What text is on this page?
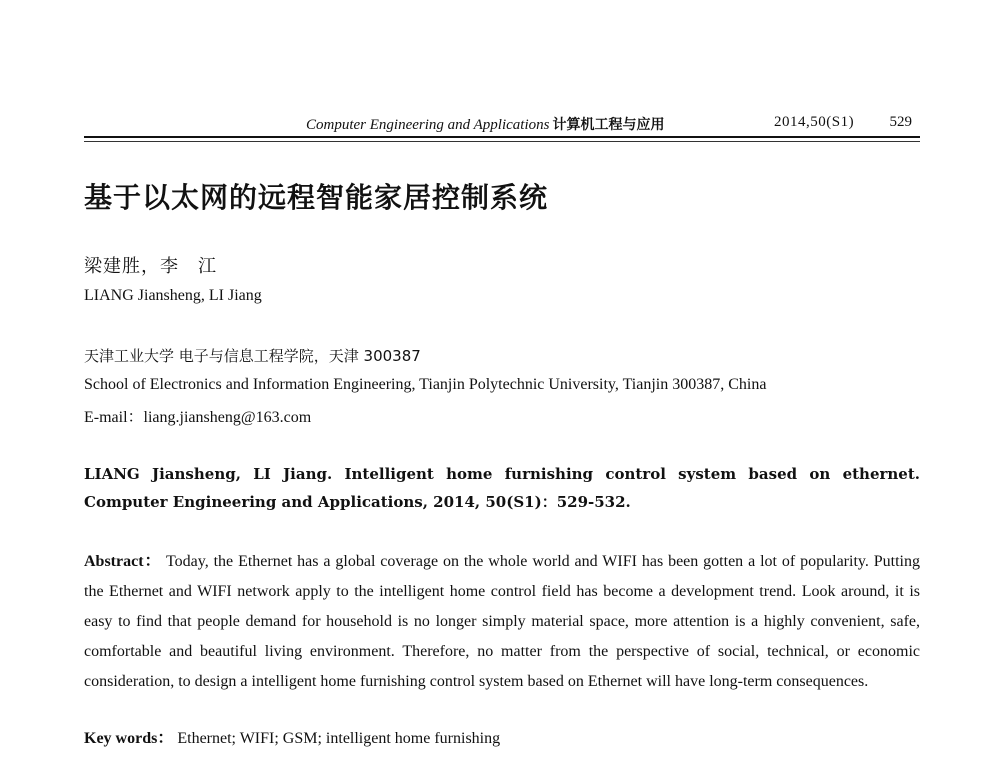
Computer Engineering and Applications 计算机工程与应用	2014,50(S1) 529
基于以太网的远程智能家居控制系统
梁建胜，李　江
LIANG Jiansheng, LI Jiang
天津工业大学 电子与信息工程学院，天津 300387
School of Electronics and Information Engineering, Tianjin Polytechnic University, Tianjin 300387, China
E-mail：liang.jiansheng@163.com
LIANG Jiansheng, LI Jiang. Intelligent home furnishing control system based on ethernet. Computer Engineering and Applications, 2014, 50(S1)：529-532.
Abstract： Today, the Ethernet has a global coverage on the whole world and WIFI has been gotten a lot of popularity. Putting the Ethernet and WIFI network apply to the intelligent home control field has become a development trend. Look around, it is easy to find that people demand for household is no longer simply material space, more attention is a highly convenient, safe, comfortable and beautiful living environment. Therefore, no matter from the perspective of social, technical, or economic consideration, to design a intelligent home furnishing control system based on Ethernet will have long-term consequences.
Key words： Ethernet; WIFI; GSM; intelligent home furnishing
